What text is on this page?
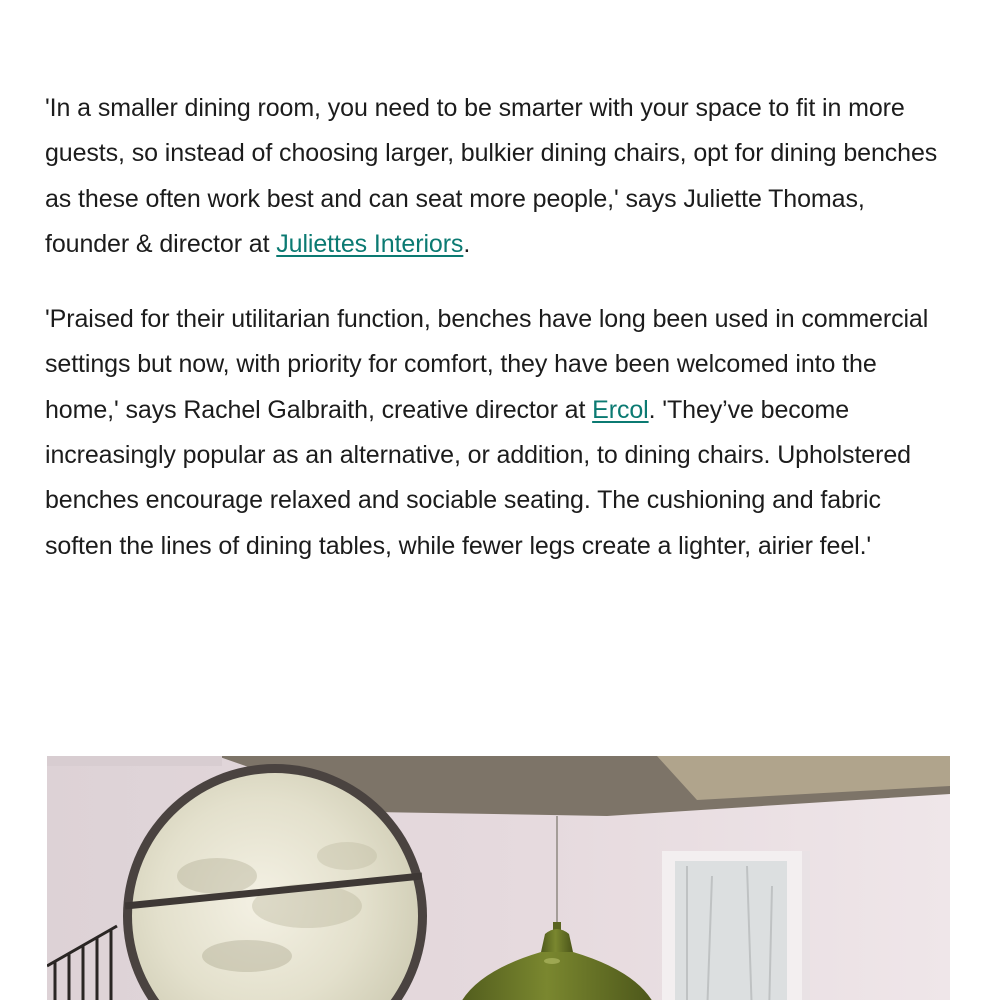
'In a smaller dining room, you need to be smarter with your space to fit in more guests, so instead of choosing larger, bulkier dining chairs, opt for dining benches as these often work best and can seat more people,' says Juliette Thomas, founder & director at Juliettes Interiors.

'Praised for their utilitarian function, benches have long been used in commercial settings but now, with priority for comfort, they have been welcomed into the home,' says Rachel Galbraith, creative director at Ercol. 'They’ve become increasingly popular as an alternative, or addition, to dining chairs. Upholstered benches encourage relaxed and sociable seating. The cushioning and fabric soften the lines of dining tables, while fewer legs create a lighter, airier feel.'
